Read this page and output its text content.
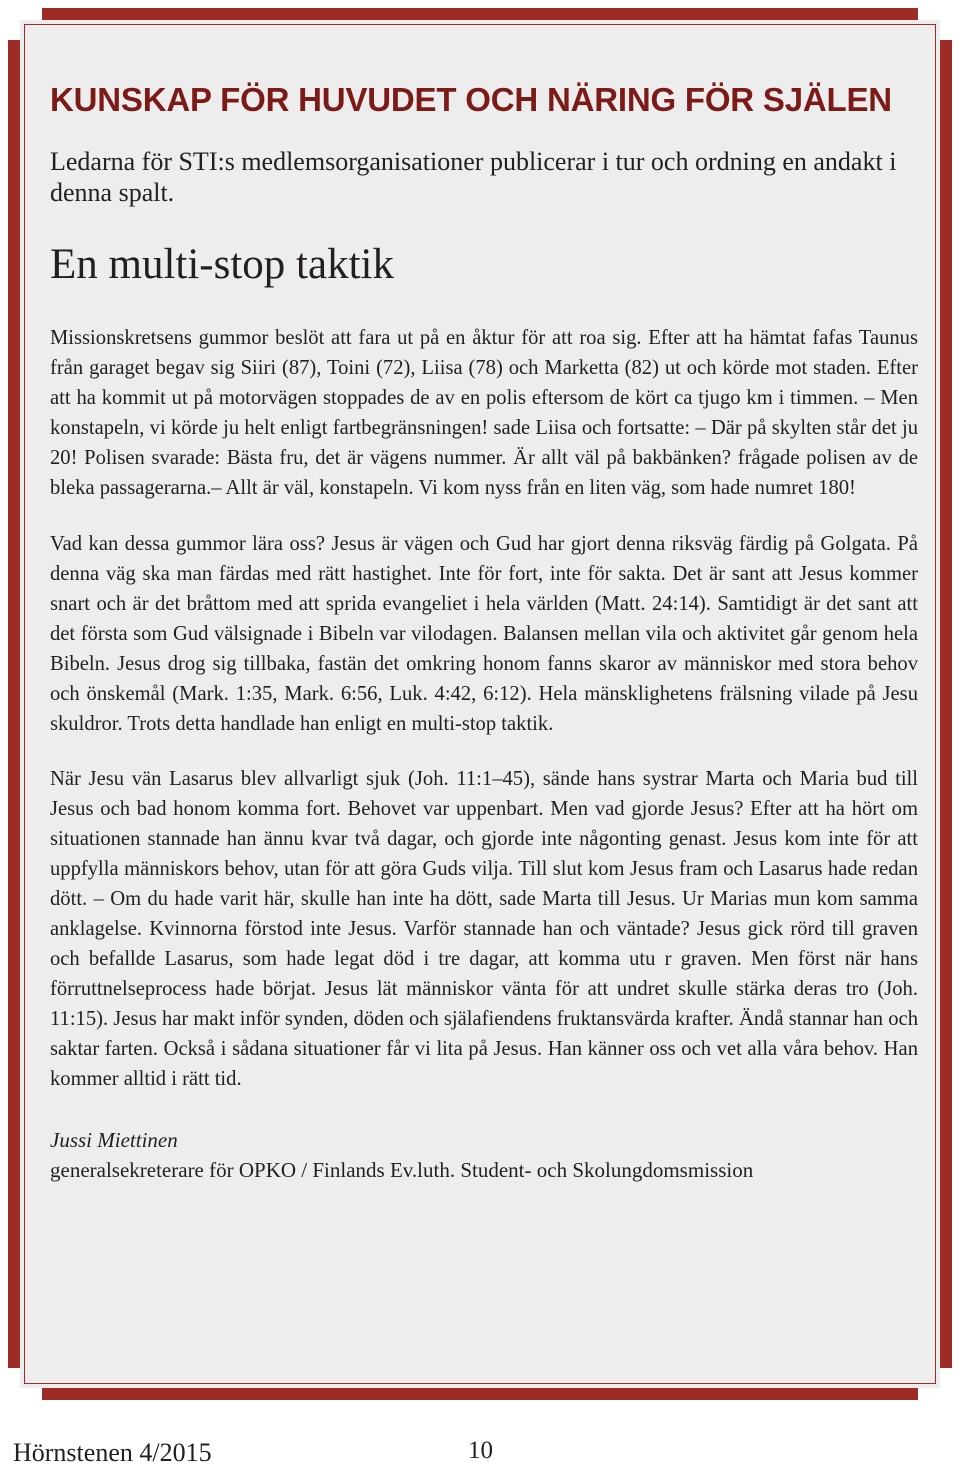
KUNSKAP FÖR HUVUDET OCH NÄRING FÖR SJÄLEN

Ledarna för STI:s medlemsorganisationer publicerar i tur och ordning en andakt i denna spalt.

En multi-stop taktik

Missionskretsens gummor beslöt att fara ut på en åktur för att roa sig. Efter att ha hämtat fafas Taunus från garaget begav sig Siiri (87), Toini (72), Liisa (78) och Marketta (82) ut och körde mot staden. Efter att ha kommit ut på motorvägen stoppades de av en polis eftersom de kört ca tjugo km i timmen. – Men konstapeln, vi körde ju helt enligt fartbegränsningen! sade Liisa och fortsatte: – Där på skylten står det ju 20! Polisen svarade: Bästa fru, det är vägens nummer. Är allt väl på bakbänken? frågade polisen av de bleka passagerarna.– Allt är väl, konstapeln. Vi kom nyss från en liten väg, som hade numret 180!

Vad kan dessa gummor lära oss? Jesus är vägen och Gud har gjort denna riksväg färdig på Golgata. På denna väg ska man färdas med rätt hastighet. Inte för fort, inte för sakta. Det är sant att Jesus kommer snart och är det bråttom med att sprida evangeliet i hela världen (Matt. 24:14). Samtidigt är det sant att det första som Gud välsignade i Bibeln var vilodagen. Balansen mellan vila och aktivitet går genom hela Bibeln. Jesus drog sig tillbaka, fastän det omkring honom fanns skaror av människor med stora behov och önskemål (Mark. 1:35, Mark. 6:56, Luk. 4:42, 6:12). Hela mänsklighetens frälsning vilade på Jesu skuldror. Trots detta handlade han enligt en multi-stop taktik.

När Jesu vän Lasarus blev allvarligt sjuk (Joh. 11:1–45), sände hans systrar Marta och Maria bud till Jesus och bad honom komma fort. Behovet var uppenbart. Men vad gjorde Jesus? Efter att ha hört om situationen stannade han ännu kvar två dagar, och gjorde inte någonting genast. Jesus kom inte för att uppfylla människors behov, utan för att göra Guds vilja. Till slut kom Jesus fram och Lasarus hade redan dött. – Om du hade varit här, skulle han inte ha dött, sade Marta till Jesus. Ur Marias mun kom samma anklagelse. Kvinnorna förstod inte Jesus. Varför stannade han och väntade? Jesus gick rörd till graven och befallde Lasarus, som hade legat död i tre dagar, att komma utu r graven. Men först när hans förruttnelseprocess hade börjat. Jesus lät människor vänta för att undret skulle stärka deras tro (Joh. 11:15). Jesus har makt inför synden, döden och själafiendens fruktansvärda krafter. Ändå stannar han och saktar farten. Också i sådana situationer får vi lita på Jesus. Han känner oss och vet alla våra behov. Han kommer alltid i rätt tid.

Jussi Miettinen
generalsekreterare för OPKO / Finlands Ev.luth. Student- och Skolungdomsmission
Hörnstenen 4/2015	10
